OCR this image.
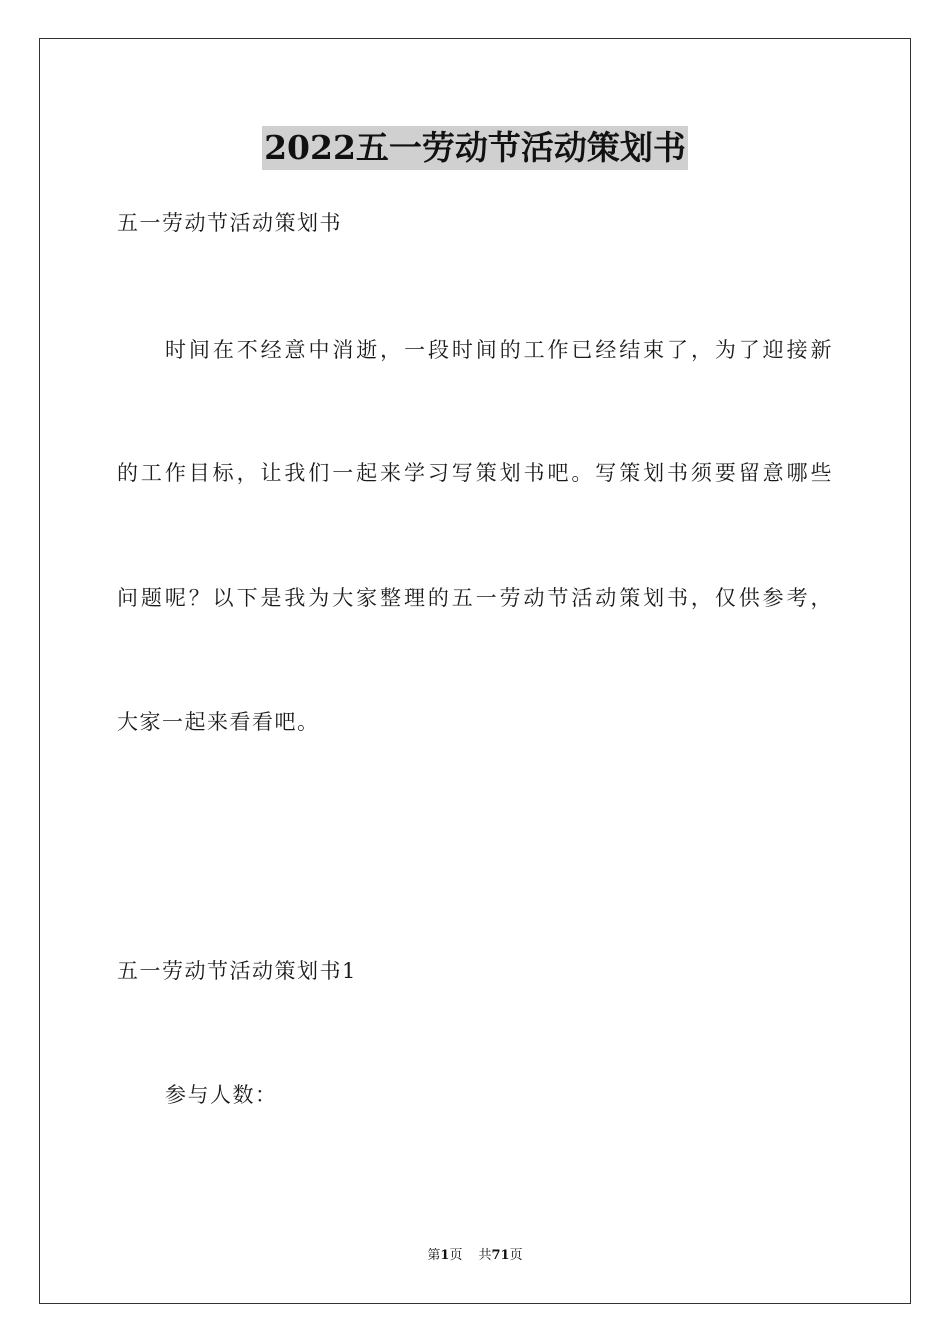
2022五一劳动节活动策划书
五一劳动节活动策划书
时间在不经意中消逝，一段时间的工作已经结束了，为了迎接新
的工作目标，让我们一起来学习写策划书吧。写策划书须要留意哪些
问题呢？以下是我为大家整理的五一劳动节活动策划书，仅供参考，
大家一起来看看吧。
五一劳动节活动策划书1
参与人数：
第1页 共71页
